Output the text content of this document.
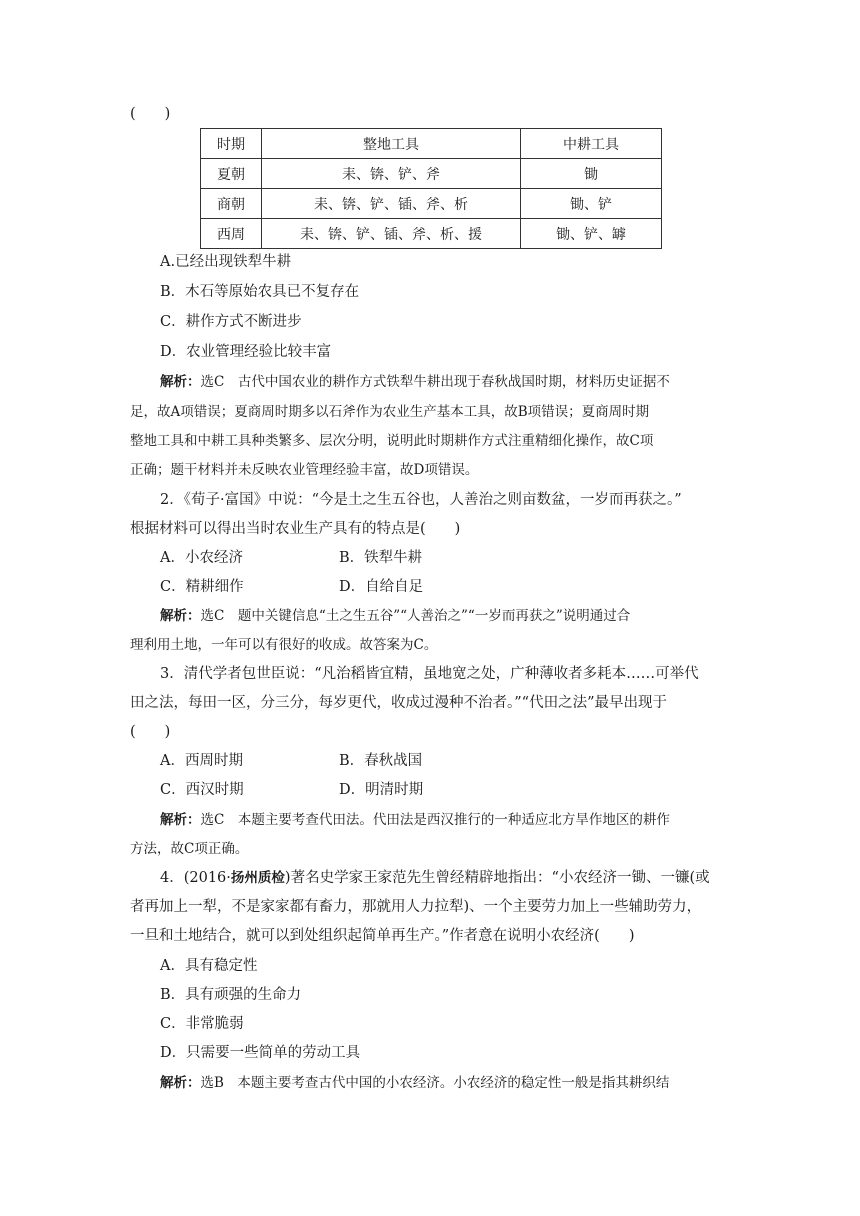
(　　)
时期	整地工具	中耕工具
夏朝	耒、锛、铲、斧	锄
商朝	耒、锛、铲、锸、斧、析	锄、铲
西周	耒、锛、铲、锸、斧、析、援	锄、铲、罅
A.已经出现铁犁牛耕
B．木石等原始农具已不复存在
C．耕作方式不断进步
D．农业管理经验比较丰富
解析：选C　古代中国农业的耕作方式铁犁牛耕出现于春秋战国时期，材料历史证据不
足，故A项错误；夏商周时期多以石斧作为农业生产基本工具，故B项错误；夏商周时期
整地工具和中耕工具种类繁多、层次分明，说明此时期耕作方式注重精细化操作，故C项
正确；题干材料并未反映农业管理经验丰富，故D项错误。
2．《荀子·富国》中说：“今是土之生五谷也，人善治之则亩数盆，一岁而再获之。”
根据材料可以得出当时农业生产具有的特点是(　　)
A．小农经济	B．铁犁牛耕
C．精耕细作	D．自给自足
解析：选C　题中关键信息“土之生五谷”“人善治之”“一岁而再获之”说明通过合
理利用土地，一年可以有很好的收成。故答案为C。
3．清代学者包世臣说：“凡治稻皆宜精，虽地宽之处，广种薄收者多耗本……可举代
田之法，每田一区，分三分，每岁更代，收成过漫种不治者。”“代田之法”最早出现于
(　　)
A．西周时期	B．春秋战国
C．西汉时期	D．明清时期
解析：选C　本题主要考查代田法。代田法是西汉推行的一种适应北方旱作地区的耕作
方法，故C项正确。
4．(2016·扬州质检)著名史学家王家范先生曾经精辟地指出：“小农经济一锄、一镰(或
者再加上一犁，不是家家都有畜力，那就用人力拉犁)、一个主要劳力加上一些辅助劳力，
一旦和土地结合，就可以到处组织起简单再生产。”作者意在说明小农经济(　　)
A．具有稳定性
B．具有顽强的生命力
C．非常脆弱
D．只需要一些简单的劳动工具
解析：选B　本题主要考查古代中国的小农经济。小农经济的稳定性一般是指其耕织结
